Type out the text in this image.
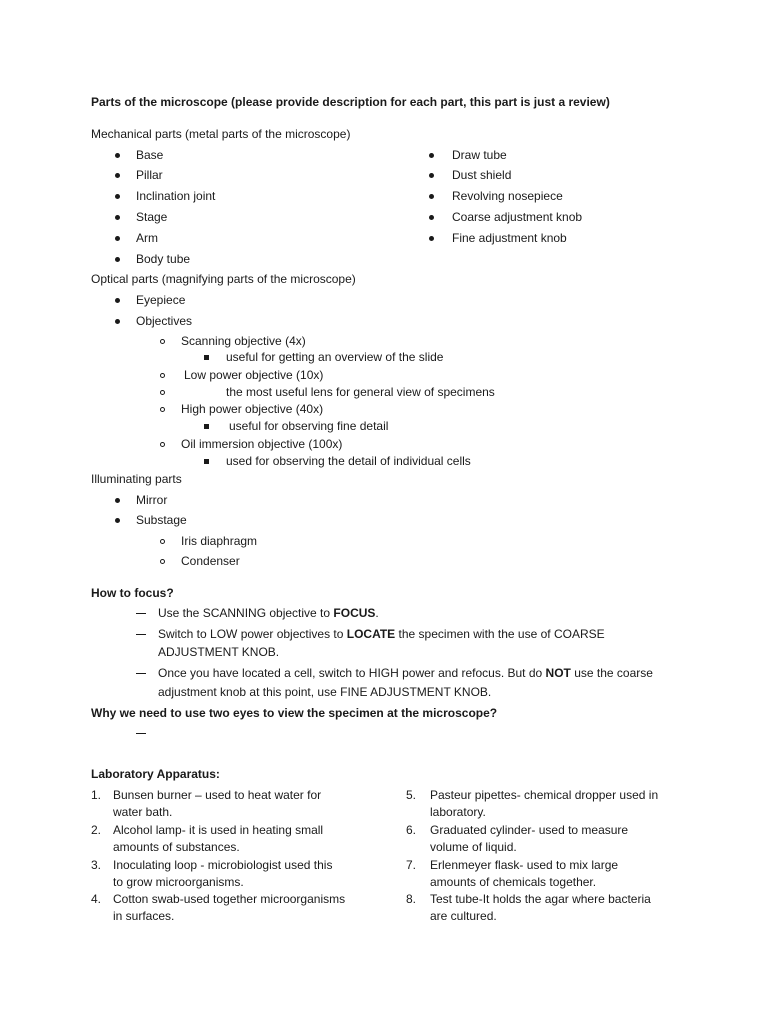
Parts of the microscope (please provide description for each part, this part is just a review)
Mechanical parts (metal parts of the microscope)
Base
Pillar
Inclination joint
Stage
Arm
Body tube
Draw tube
Dust shield
Revolving nosepiece
Coarse adjustment knob
Fine adjustment knob
Optical parts (magnifying parts of the microscope)
Eyepiece
Objectives
Scanning objective (4x)
useful for getting an overview of the slide
Low power objective (10x)
the most useful lens for general view of specimens
High power objective (40x)
useful for observing fine detail
Oil immersion objective (100x)
used for observing the detail of individual cells
Illuminating parts
Mirror
Substage
Iris diaphragm
Condenser
How to focus?
Use the SCANNING objective to FOCUS.
Switch to LOW power objectives to LOCATE the specimen with the use of COARSE
ADJUSTMENT KNOB.
Once you have located a cell, switch to HIGH power and refocus. But do NOT use the coarse
adjustment knob at this point, use FINE ADJUSTMENT KNOB.
Why we need to use two eyes to view the specimen at the microscope?
Laboratory Apparatus:
1. Bunsen burner – used to heat water for
water bath.
2. Alcohol lamp- it is used in heating small
amounts of substances.
3. Inoculating loop - microbiologist used this
to grow microorganisms.
4. Cotton swab-used together microorganisms
in surfaces.
5. Pasteur pipettes- chemical dropper used in
laboratory.
6. Graduated cylinder- used to measure
volume of liquid.
7. Erlenmeyer flask- used to mix large
amounts of chemicals together.
8. Test tube-It holds the agar where bacteria
are cultured.
